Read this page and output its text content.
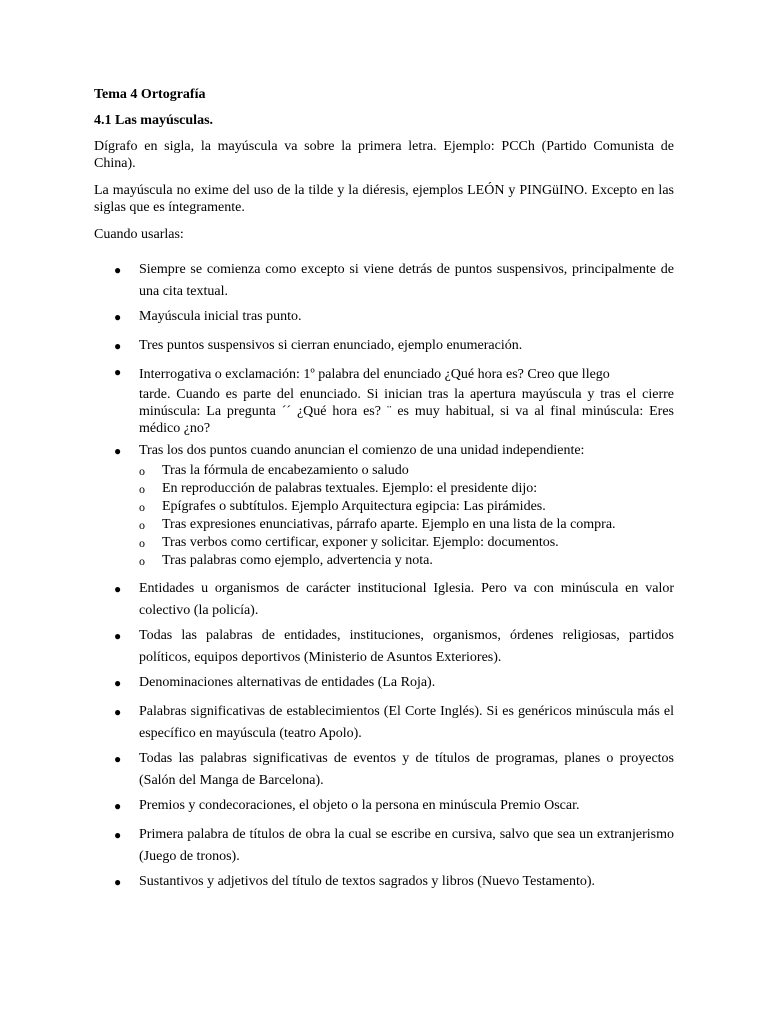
Tema 4 Ortografía

4.1 Las mayúsculas.

Dígrafo en sigla, la mayúscula va sobre la primera letra. Ejemplo: PCCh (Partido Comunista de China).

La mayúscula no exime del uso de la tilde y la diéresis, ejemplos LEÓN y PINGüINO. Excepto en las siglas que es íntegramente.

Cuando usarlas:

● Siempre se comienza como excepto si viene detrás de puntos suspensivos, principalmente de una cita textual.
● Mayúscula inicial tras punto.
● Tres puntos suspensivos si cierran enunciado, ejemplo enumeración.
● Interrogativa o exclamación: 1º palabra del enunciado ¿Qué hora es? Creo que llego
tarde. Cuando es parte del enunciado. Si inician tras la apertura mayúscula y tras el cierre minúscula: La pregunta ´´ ¿Qué hora es? ¨ es muy habitual, si va al final minúscula: Eres médico ¿no?
● Tras los dos puntos cuando anuncian el comienzo de una unidad independiente:
o Tras la fórmula de encabezamiento o saludo
o En reproducción de palabras textuales. Ejemplo: el presidente dijo:
o Epígrafes o subtítulos. Ejemplo Arquitectura egipcia: Las pirámides.
o Tras expresiones enunciativas, párrafo aparte. Ejemplo en una lista de la compra.
o Tras verbos como certificar, exponer y solicitar. Ejemplo: documentos.
o Tras palabras como ejemplo, advertencia y nota.
● Entidades u organismos de carácter institucional Iglesia. Pero va con minúscula en valor colectivo (la policía).
● Todas las palabras de entidades, instituciones, organismos, órdenes religiosas, partidos políticos, equipos deportivos (Ministerio de Asuntos Exteriores).
● Denominaciones alternativas de entidades (La Roja).
● Palabras significativas de establecimientos (El Corte Inglés). Si es genéricos minúscula más el específico en mayúscula (teatro Apolo).
● Todas las palabras significativas de eventos y de títulos de programas, planes o proyectos (Salón del Manga de Barcelona).
● Premios y condecoraciones, el objeto o la persona en minúscula Premio Oscar.
● Primera palabra de títulos de obra la cual se escribe en cursiva, salvo que sea un extranjerismo (Juego de tronos).
● Sustantivos y adjetivos del título de textos sagrados y libros (Nuevo Testamento).
